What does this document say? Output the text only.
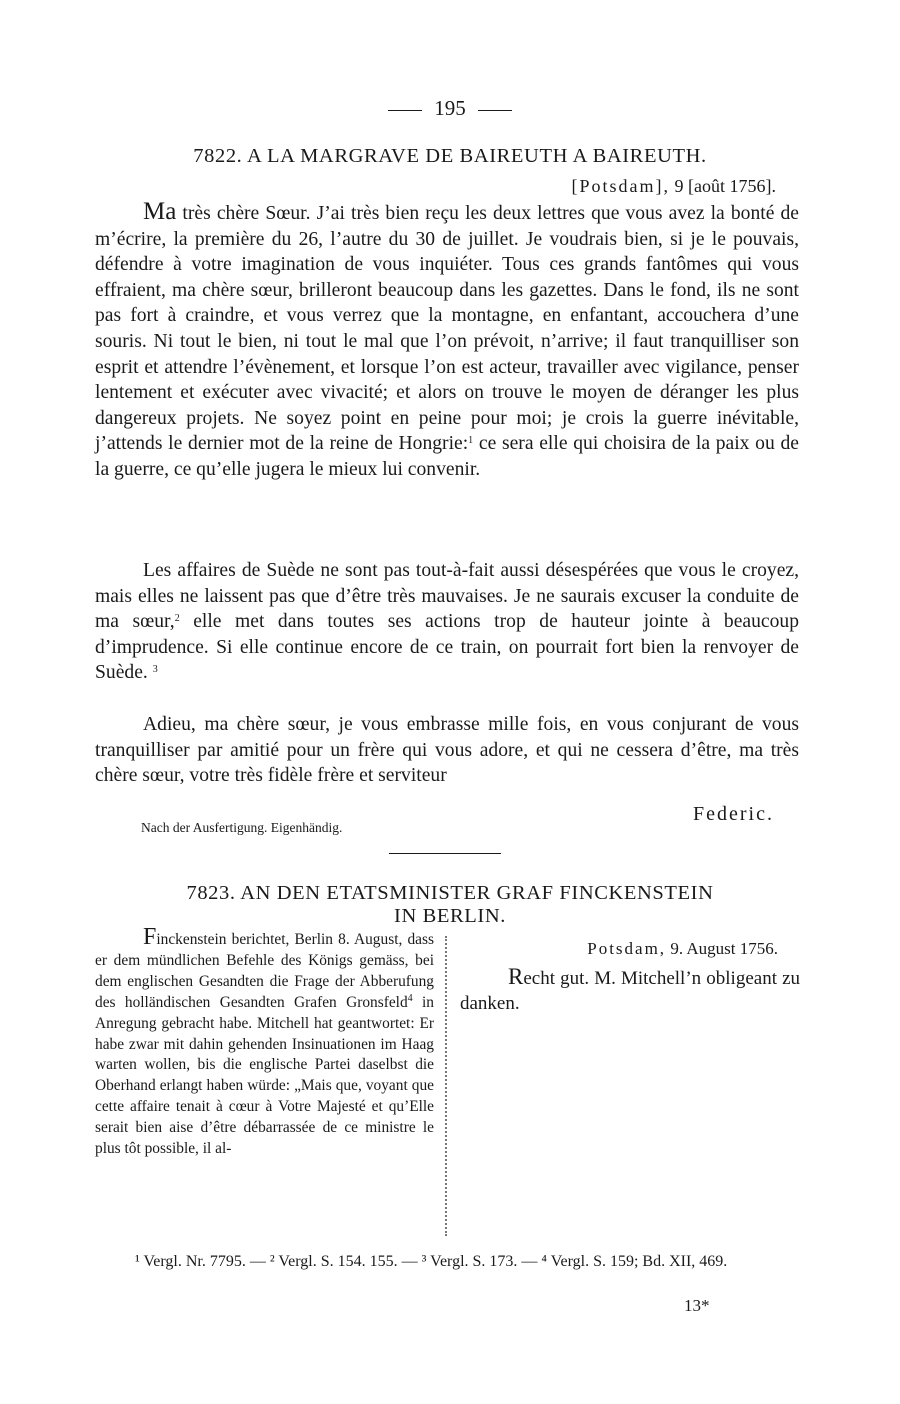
195
7822. A LA MARGRAVE DE BAIREUTH A BAIREUTH.
[Potsdam], 9 [août 1756].
Ma très chère Sœur. J’ai très bien reçu les deux lettres que vous avez la bonté de m’écrire, la première du 26, l’autre du 30 de juillet. Je voudrais bien, si je le pouvais, défendre à votre imagination de vous inquiéter. Tous ces grands fantômes qui vous effraient, ma chère sœur, brilleront beaucoup dans les gazettes. Dans le fond, ils ne sont pas fort à craindre, et vous verrez que la montagne, en enfantant, accouchera d’une souris. Ni tout le bien, ni tout le mal que l’on prévoit, n’arrive; il faut tranquilliser son esprit et attendre l’évènement, et lorsque l’on est acteur, travailler avec vigilance, penser lentement et exécuter avec vivacité; et alors on trouve le moyen de déranger les plus dangereux projets. Ne soyez point en peine pour moi; je crois la guerre inévitable, j’attends le dernier mot de la reine de Hongrie:$^1$ ce sera elle qui choisira de la paix ou de la guerre, ce qu’elle jugera le mieux lui convenir.
Les affaires de Suède ne sont pas tout-à-fait aussi désespérées que vous le croyez, mais elles ne laissent pas que d’être très mauvaises. Je ne saurais excuser la conduite de ma sœur,$^2$ elle met dans toutes ses actions trop de hauteur jointe à beaucoup d’imprudence. Si elle continue encore de ce train, on pourrait fort bien la renvoyer de Suède. $^3$
Adieu, ma chère sœur, je vous embrasse mille fois, en vous conjurant de vous tranquilliser par amitié pour un frère qui vous adore, et qui ne cessera d’être, ma très chère sœur, votre très fidèle frère et serviteur
Federic.
Nach der Ausfertigung. Eigenhändig.
7823. AN DEN ETATSMINISTER GRAF FINCKENSTEIN
IN BERLIN.
Finckenstein berichtet, Berlin 8. August, dass er dem mündlichen Befehle des Königs gemäss, bei dem englischen Gesandten die Frage der Abberufung des holländischen Gesandten Grafen Gronsfeld$^4$ in Anregung gebracht habe. Mitchell hat geantwortet: Er habe zwar mit dahin gehenden Insinuationen im Haag warten wollen, bis die englische Partei daselbst die Oberhand erlangt haben würde: „Mais que, voyant que cette affaire tenait à cœur à Votre Majesté et qu’Elle serait bien aise d’être débarrassée de ce ministre le plus tôt possible, il al-
Potsdam, 9. August 1756.
Recht gut. M. Mitchell’n obligeant zu danken.
¹ Vergl. Nr. 7795. — ² Vergl. S. 154. 155. — ³ Vergl. S. 173. — ⁴ Vergl. S. 159; Bd. XII, 469.
13*
